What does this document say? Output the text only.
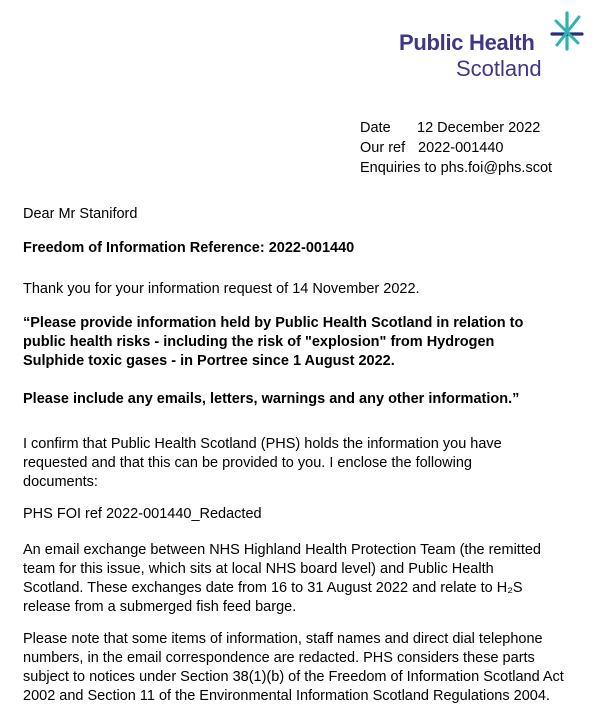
Public Health
Scotland
Date 12 December 2022
Our ref 2022-001440
Enquiries to phs.foi@phs.scot

Dear Mr Staniford

Freedom of Information Reference: 2022-001440

Thank you for your information request of 14 November 2022.

“Please provide information held by Public Health Scotland in relation to
public health risks - including the risk of "explosion" from Hydrogen
Sulphide toxic gases - in Portree since 1 August 2022.
Please include any emails, letters, warnings and any other information.”
I confirm that Public Health Scotland (PHS) holds the information you have
requested and that this can be provided to you. I enclose the following
documents:

PHS FOI ref 2022-001440_Redacted

An email exchange between NHS Highland Health Protection Team (the remitted
team for this issue, which sits at local NHS board level) and Public Health
Scotland. These exchanges date from 16 to 31 August 2022 and relate to H₂S
release from a submerged fish feed barge.
Please note that some items of information, staff names and direct dial telephone
numbers, in the email correspondence are redacted. PHS considers these parts
subject to notices under Section 38(1)(b) of the Freedom of Information Scotland Act
2002 and Section 11 of the Environmental Information Scotland Regulations 2004.
